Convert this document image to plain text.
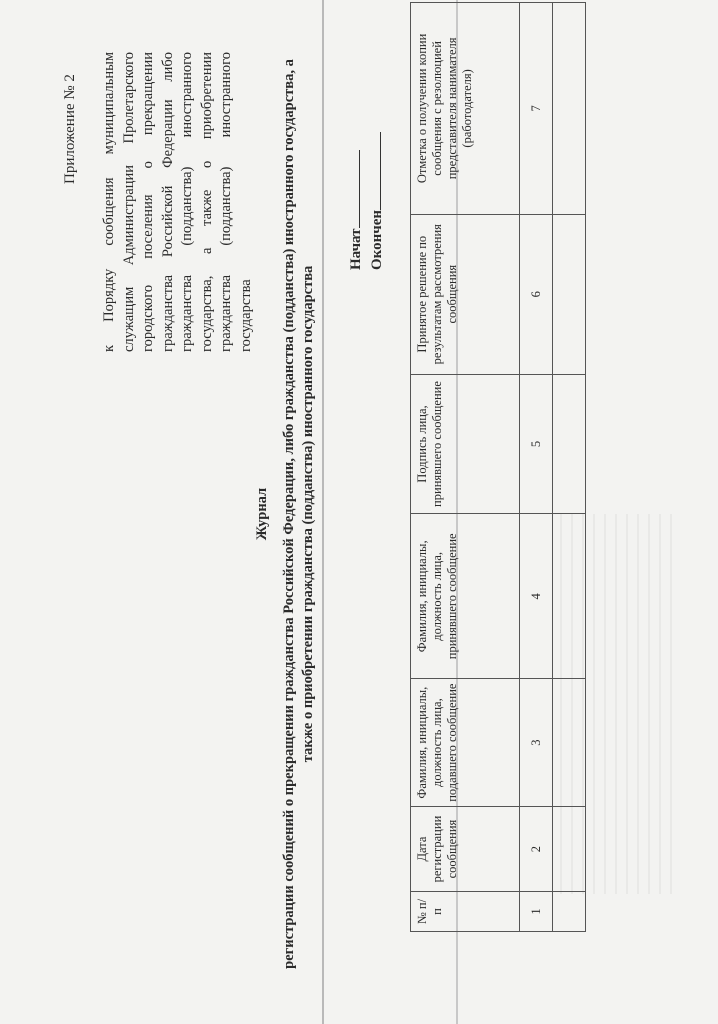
Приложение № 2 к Порядку сообщения муниципальным служащим Администрации Пролетарского городского поселения о прекращении гражданства Российской Федерации либо гражданства (подданства) иностранного государства, а также о приобретении гражданства (подданства) иностранного государства
Журнал регистрации сообщений о прекращении гражданства Российской Федерации, либо гражданства (подданства) иностранного государства, а также о приобретении гражданства (подданства) иностранного государства
Начат Окончен
№ п/п	Дата регистрации сообщения	Фамилия, инициалы, должность лица, подавшего сообщение	Фамилия, инициалы, должность лица, принявшего сообщение	Подпись лица, принявшего сообщение	Принятое решение по результатам рассмотрения сообщения	Отметка о получении копии сообщения с резолюцией представителя нанимателя (работодателя)
1	2	3	4	5	6	7
